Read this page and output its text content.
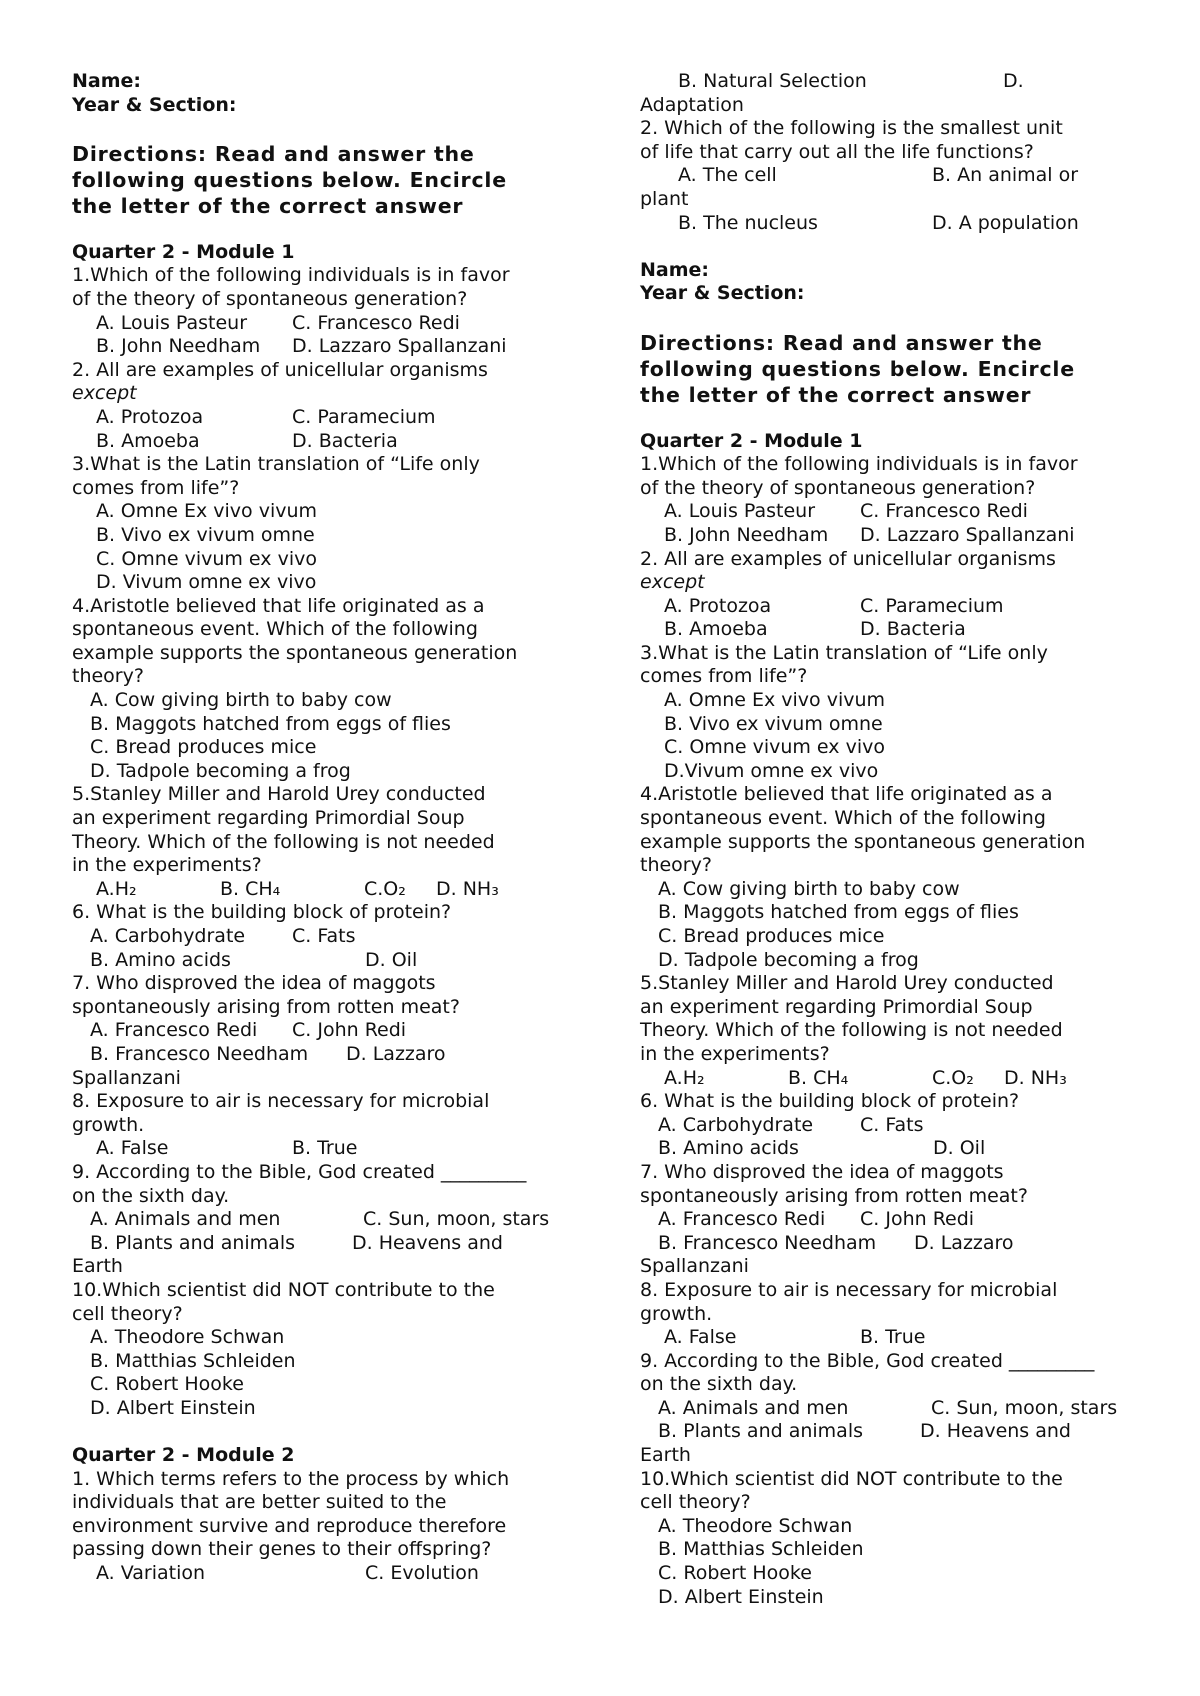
Name:
Year & Section:
Directions: Read and answer the
following questions below. Encircle
the letter of the correct answer
Quarter 2 - Module 1
1.Which of the following individuals is in favor
of the theory of spontaneous generation?
A. Louis Pasteur C. Francesco Redi
B. John Needham D. Lazzaro Spallanzani
2. All are examples of unicellular organisms
except
A. Protozoa	C. Paramecium
B. Amoeba	D. Bacteria
3.What is the Latin translation of “Life only
comes from life”?
A. Omne Ex vivo vivum
B. Vivo ex vivum omne
C. Omne vivum ex vivo
D. Vivum omne ex vivo
4.Aristotle believed that life originated as a
spontaneous event. Which of the following
example supports the spontaneous generation
theory?
A. Cow giving birth to baby cow
B. Maggots hatched from eggs of flies
C. Bread produces mice
D. Tadpole becoming a frog
5.Stanley Miller and Harold Urey conducted
an experiment regarding Primordial Soup
Theory. Which of the following is not needed
in the experiments?
A.H₂	B. CH₄	C.O₂ D. NH₃
6. What is the building block of protein?
A. Carbohydrate C. Fats
B. Amino acids	D. Oil
7. Who disproved the idea of maggots
spontaneously arising from rotten meat?
A. Francesco Redi C. John Redi
B. Francesco Needham D. Lazzaro
Spallanzani
8. Exposure to air is necessary for microbial
growth.
A. False	B. True
9. According to the Bible, God created _________
on the sixth day.
A. Animals and men	C. Sun, moon, stars
B. Plants and animals	D. Heavens and
Earth
10.Which scientist did NOT contribute to the
cell theory?
A. Theodore Schwan
B. Matthias Schleiden
C. Robert Hooke
D. Albert Einstein
Quarter 2 - Module 2
1. Which terms refers to the process by which
individuals that are better suited to the
environment survive and reproduce therefore
passing down their genes to their offspring?
A. Variation	C. Evolution
B. Natural Selection	D.
Adaptation
2. Which of the following is the smallest unit
of life that carry out all the life functions?
A. The cell	B. An animal or
plant
B. The nucleus	D. A population
Name:
Year & Section:
Directions: Read and answer the
following questions below. Encircle
the letter of the correct answer
Quarter 2 - Module 1
1.Which of the following individuals is in favor
of the theory of spontaneous generation?
A. Louis Pasteur C. Francesco Redi
B. John Needham D. Lazzaro Spallanzani
2. All are examples of unicellular organisms
except
A. Protozoa	C. Paramecium
B. Amoeba	D. Bacteria
3.What is the Latin translation of “Life only
comes from life”?
A. Omne Ex vivo vivum
B. Vivo ex vivum omne
C. Omne vivum ex vivo
D.Vivum omne ex vivo
4.Aristotle believed that life originated as a
spontaneous event. Which of the following
example supports the spontaneous generation
theory?
A. Cow giving birth to baby cow
B. Maggots hatched from eggs of flies
C. Bread produces mice
D. Tadpole becoming a frog
5.Stanley Miller and Harold Urey conducted
an experiment regarding Primordial Soup
Theory. Which of the following is not needed
in the experiments?
A.H₂	B. CH₄	C.O₂ D. NH₃
6. What is the building block of protein?
A. Carbohydrate C. Fats
B. Amino acids	D. Oil
7. Who disproved the idea of maggots
spontaneously arising from rotten meat?
A. Francesco Redi C. John Redi
B. Francesco Needham D. Lazzaro
Spallanzani
8. Exposure to air is necessary for microbial
growth.
A. False	B. True
9. According to the Bible, God created _________
on the sixth day.
A. Animals and men	C. Sun, moon, stars
B. Plants and animals	D. Heavens and
Earth
10.Which scientist did NOT contribute to the
cell theory?
A. Theodore Schwan
B. Matthias Schleiden
C. Robert Hooke
D. Albert Einstein
